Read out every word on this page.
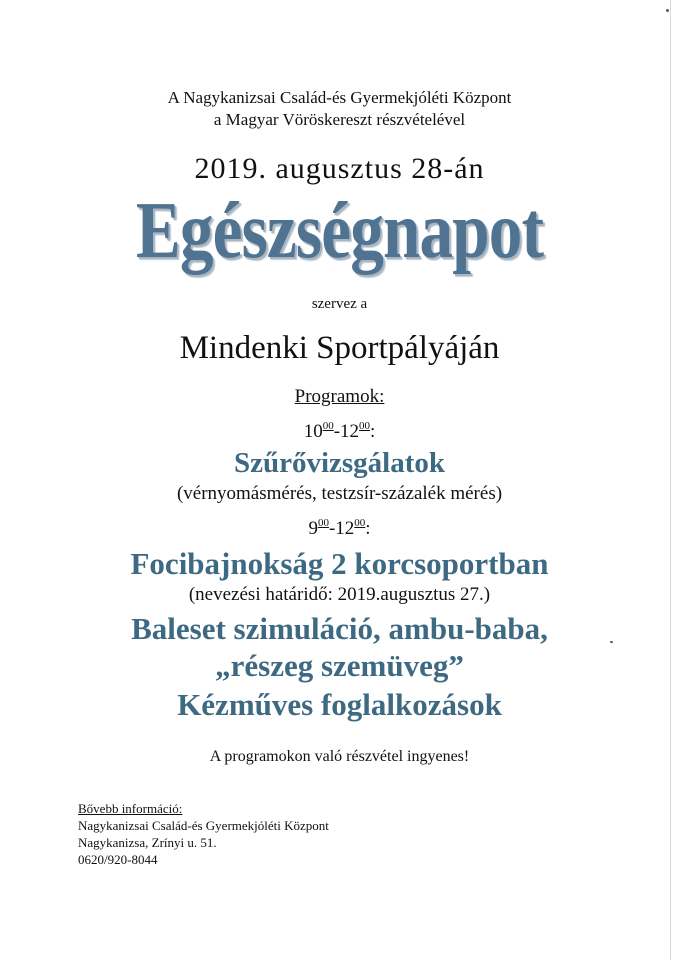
A Nagykanizsai Család-és Gyermekjóléti Központ
a Magyar Vöröskereszt részvételével
2019. augusztus 28-án
Egészségnapot
szervez a
Mindenki Sportpályáján
Programok:
$10^{00}-12^{00}$:
Szűrővizsgálatok
(vérnyomásmérés, testzsír-százalék mérés)
$9^{00}-12^{00}$:
Focibajnokság 2 korcsoportban
(nevezési határidő: 2019.augusztus 27.)
Baleset szimuláció, ambu-baba,
„részeg szemüveg”
Kézműves foglalkozások
A programokon való részvétel ingyenes!
Bővebb információ:
Nagykanizsai Család-és Gyermekjóléti Központ
Nagykanizsa, Zrínyi u. 51.
0620/920-8044
